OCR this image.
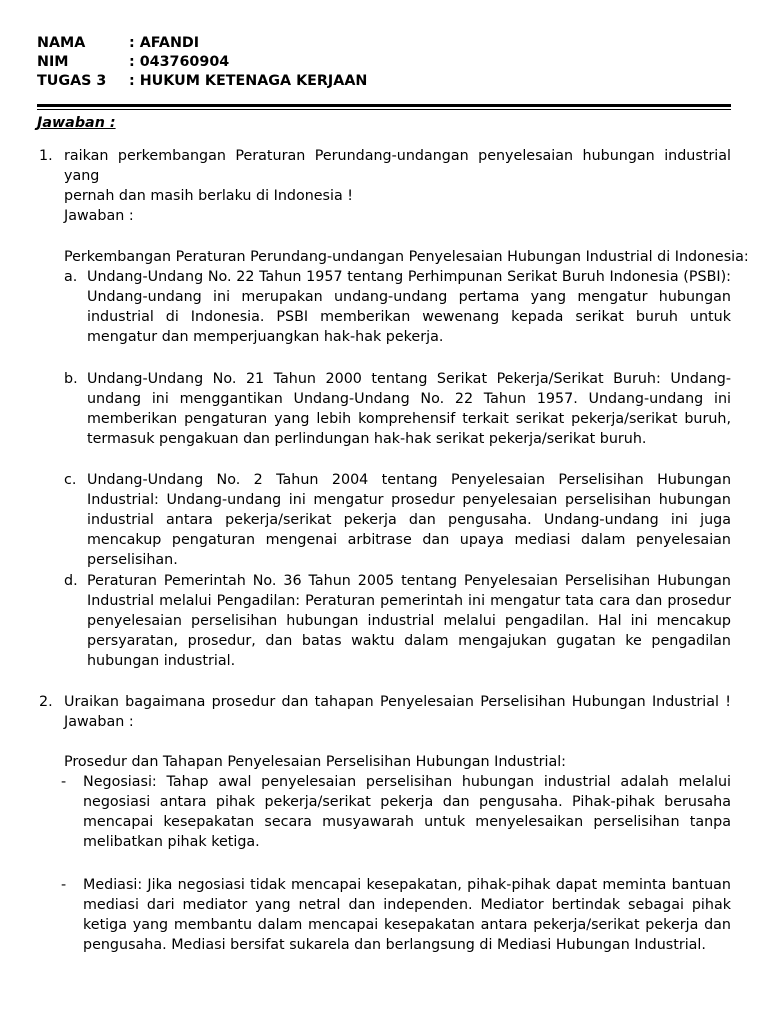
NAMA	: AFANDI
NIM	: 043760904
TUGAS 3 : HUKUM KETENAGA KERJAAN
Jawaban :
1. raikan perkembangan Peraturan Perundang-undangan penyelesaian hubungan industrial yang
pernah dan masih berlaku di Indonesia !
Jawaban :
Perkembangan Peraturan Perundang-undangan Penyelesaian Hubungan Industrial di Indonesia:
a. Undang-Undang No. 22 Tahun 1957 tentang Perhimpunan Serikat Buruh Indonesia (PSBI): Undang-undang ini merupakan undang-undang pertama yang mengatur hubungan industrial di Indonesia. PSBI memberikan wewenang kepada serikat buruh untuk mengatur dan memperjuangkan hak-hak pekerja.
b. Undang-Undang No. 21 Tahun 2000 tentang Serikat Pekerja/Serikat Buruh: Undang-undang ini menggantikan Undang-Undang No. 22 Tahun 1957. Undang-undang ini memberikan pengaturan yang lebih komprehensif terkait serikat pekerja/serikat buruh, termasuk pengakuan dan perlindungan hak-hak serikat pekerja/serikat buruh.
c. Undang-Undang No. 2 Tahun 2004 tentang Penyelesaian Perselisihan Hubungan Industrial: Undang-undang ini mengatur prosedur penyelesaian perselisihan hubungan industrial antara pekerja/serikat pekerja dan pengusaha. Undang-undang ini juga mencakup pengaturan mengenai arbitrase dan upaya mediasi dalam penyelesaian perselisihan.
d. Peraturan Pemerintah No. 36 Tahun 2005 tentang Penyelesaian Perselisihan Hubungan Industrial melalui Pengadilan: Peraturan pemerintah ini mengatur tata cara dan prosedur penyelesaian perselisihan hubungan industrial melalui pengadilan. Hal ini mencakup persyaratan, prosedur, dan batas waktu dalam mengajukan gugatan ke pengadilan hubungan industrial.
2. Uraikan bagaimana prosedur dan tahapan Penyelesaian Perselisihan Hubungan Industrial !
Jawaban :
Prosedur dan Tahapan Penyelesaian Perselisihan Hubungan Industrial:
- Negosiasi: Tahap awal penyelesaian perselisihan hubungan industrial adalah melalui negosiasi antara pihak pekerja/serikat pekerja dan pengusaha. Pihak-pihak berusaha mencapai kesepakatan secara musyawarah untuk menyelesaikan perselisihan tanpa melibatkan pihak ketiga.
- Mediasi: Jika negosiasi tidak mencapai kesepakatan, pihak-pihak dapat meminta bantuan mediasi dari mediator yang netral dan independen. Mediator bertindak sebagai pihak ketiga yang membantu dalam mencapai kesepakatan antara pekerja/serikat pekerja dan pengusaha. Mediasi bersifat sukarela dan berlangsung di Mediasi Hubungan Industrial.
